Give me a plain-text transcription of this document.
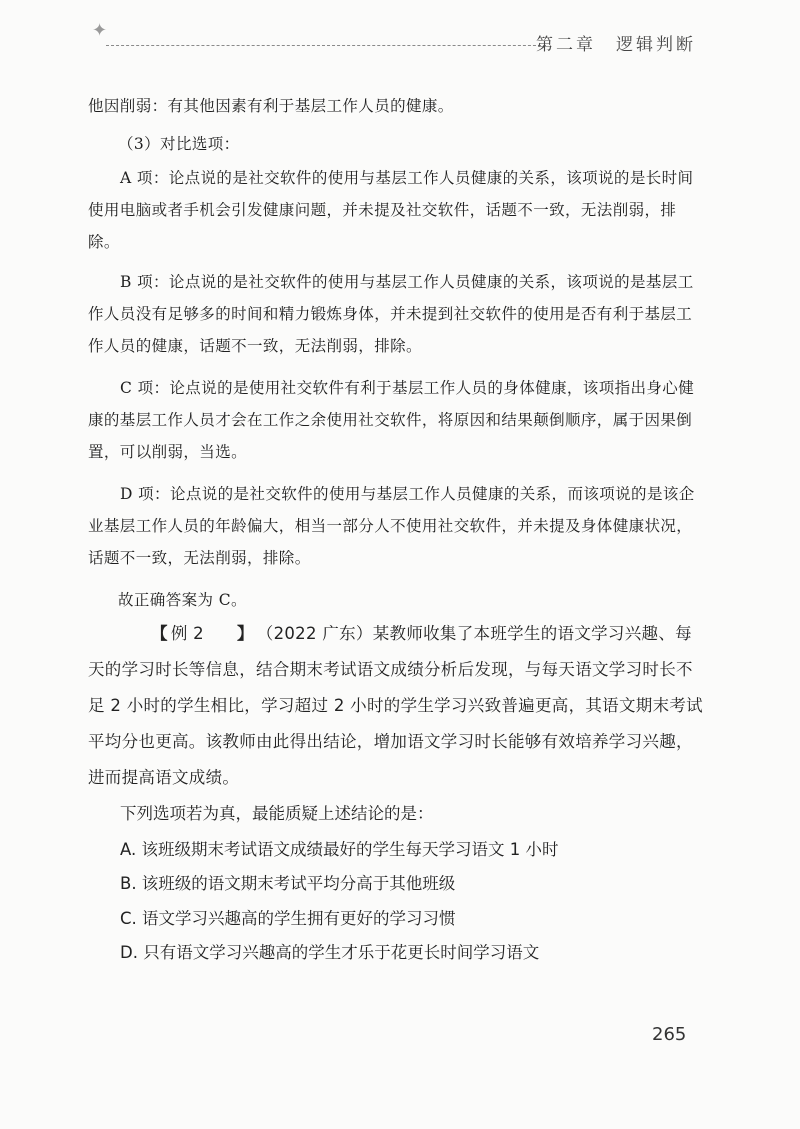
✦
第二章　逻辑判断
他因削弱：有其他因素有利于基层工作人员的健康。
（3）对比选项：
A 项：论点说的是社交软件的使用与基层工作人员健康的关系，该项说的是长时间使用电脑或者手机会引发健康问题，并未提及社交软件，话题不一致，无法削弱，排除。
B 项：论点说的是社交软件的使用与基层工作人员健康的关系，该项说的是基层工作人员没有足够多的时间和精力锻炼身体，并未提到社交软件的使用是否有利于基层工作人员的健康，话题不一致，无法削弱，排除。
C 项：论点说的是使用社交软件有利于基层工作人员的身体健康，该项指出身心健康的基层工作人员才会在工作之余使用社交软件，将原因和结果颠倒顺序，属于因果倒置，可以削弱，当选。
D 项：论点说的是社交软件的使用与基层工作人员健康的关系，而该项说的是该企业基层工作人员的年龄偏大，相当一部分人不使用社交软件，并未提及身体健康状况，话题不一致，无法削弱，排除。
故正确答案为 C。
【 例 2 】 （2022 广东）某教师收集了本班学生的语文学习兴趣、每天的学习时长等信息，结合期末考试语文成绩分析后发现，与每天语文学习时长不足 2 小时的学生相比，学习超过 2 小时的学生学习兴致普遍更高，其语文期末考试平均分也更高。该教师由此得出结论，增加语文学习时长能够有效培养学习兴趣，进而提高语文成绩。
下列选项若为真，最能质疑上述结论的是：
A. 该班级期末考试语文成绩最好的学生每天学习语文 1 小时
B. 该班级的语文期末考试平均分高于其他班级
C. 语文学习兴趣高的学生拥有更好的学习习惯
D. 只有语文学习兴趣高的学生才乐于花更长时间学习语文
265
